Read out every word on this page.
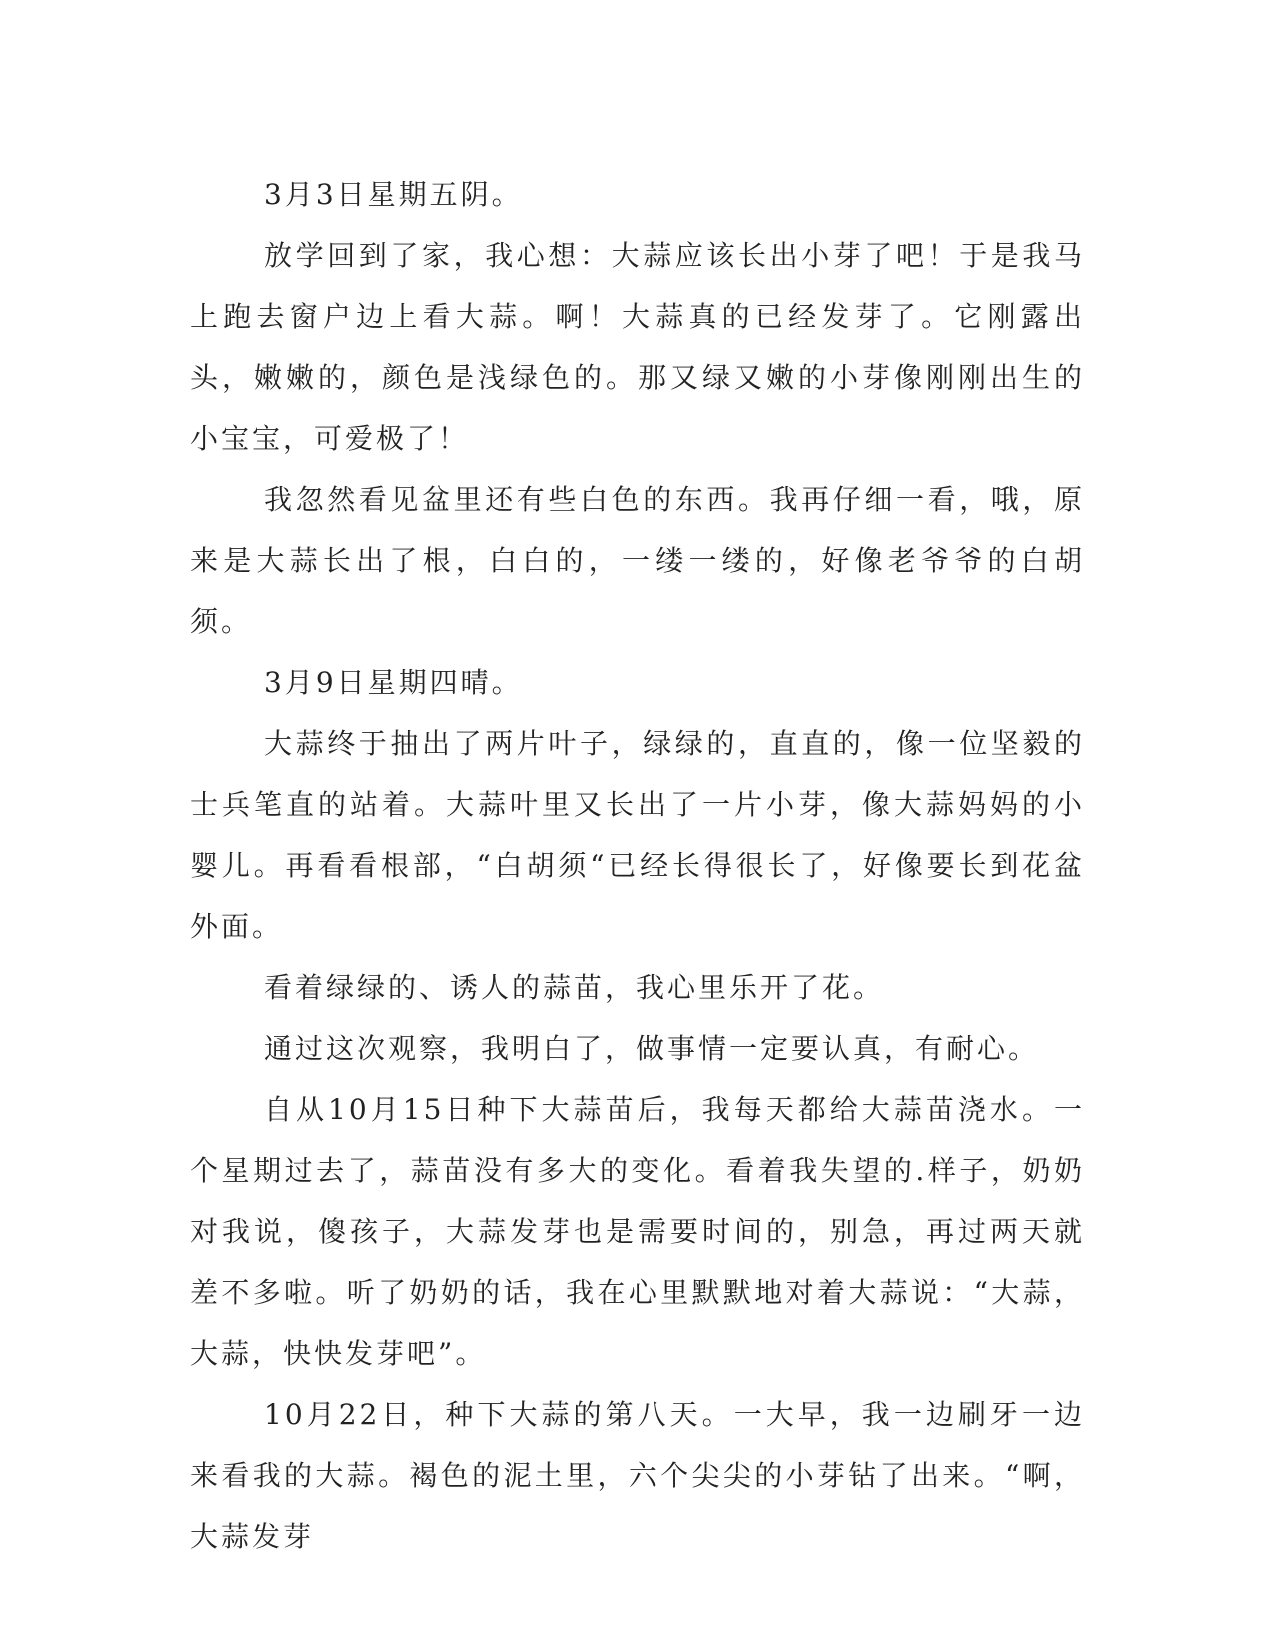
3月3日星期五阴。

放学回到了家，我心想：大蒜应该长出小芽了吧！于是我马上跑去窗户边上看大蒜。啊！大蒜真的已经发芽了。它刚露出头，嫩嫩的，颜色是浅绿色的。那又绿又嫩的小芽像刚刚出生的小宝宝，可爱极了！

我忽然看见盆里还有些白色的东西。我再仔细一看，哦，原来是大蒜长出了根，白白的，一缕一缕的，好像老爷爷的白胡须。

3月9日星期四晴。

大蒜终于抽出了两片叶子，绿绿的，直直的，像一位坚毅的士兵笔直的站着。大蒜叶里又长出了一片小芽，像大蒜妈妈的小婴儿。再看看根部，“白胡须“已经长得很长了，好像要长到花盆外面。

看着绿绿的、诱人的蒜苗，我心里乐开了花。

通过这次观察，我明白了，做事情一定要认真，有耐心。

自从10月15日种下大蒜苗后，我每天都给大蒜苗浇水。一个星期过去了，蒜苗没有多大的变化。看着我失望的.样子，奶奶对我说，傻孩子，大蒜发芽也是需要时间的，别急，再过两天就差不多啦。听了奶奶的话，我在心里默默地对着大蒜说：“大蒜，大蒜，快快发芽吧”。

10月22日，种下大蒜的第八天。一大早，我一边刷牙一边来看我的大蒜。褐色的泥土里，六个尖尖的小芽钻了出来。“啊，大蒜发芽
